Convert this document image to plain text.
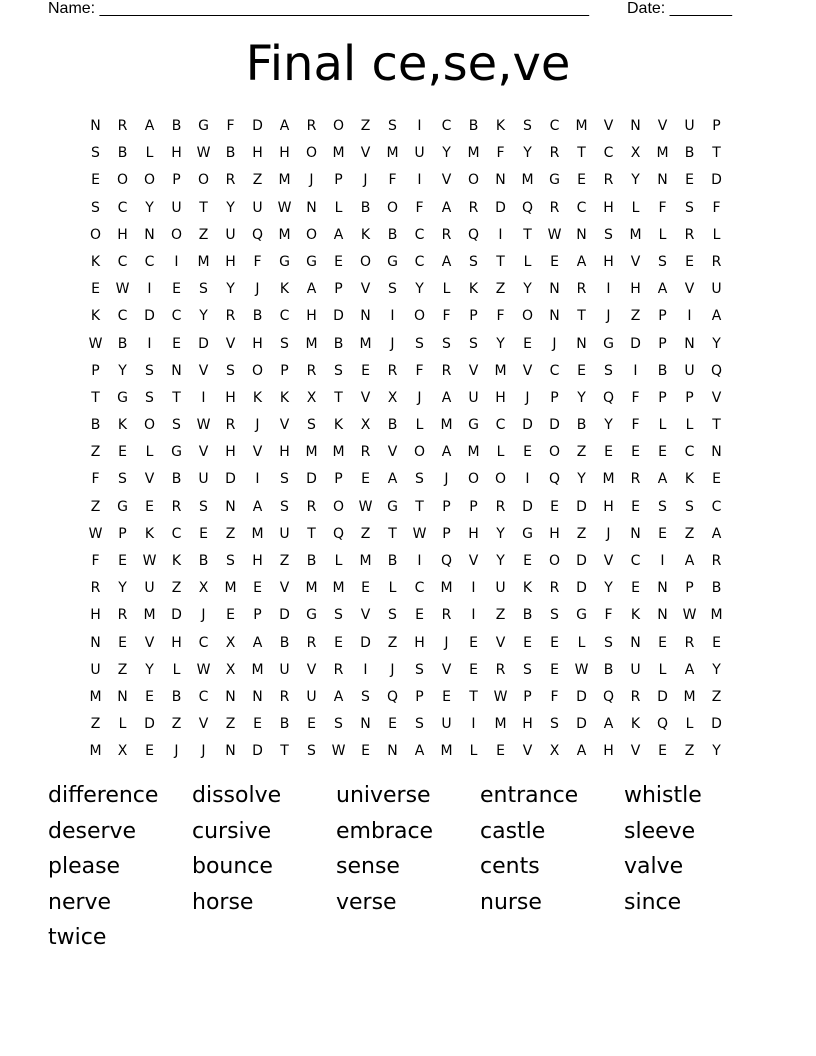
Name: _______________________________________________________ Date: _______
Final ce,se,ve
N	R	A	B	G	F	D	A	R	O	Z	S	I	C	B	K	S	C	M	V	N	V	U	P
S	B	L	H	W	B	H	H	O	M	V	M	U	Y	M	F	Y	R	T	C	X	M	B	T
E	O	O	P	O	R	Z	M	J	P	J	F	I	V	O	N	M	G	E	R	Y	N	E	D
S	C	Y	U	T	Y	U	W	N	L	B	O	F	A	R	D	Q	R	C	H	L	F	S	F
O	H	N	O	Z	U	Q	M	O	A	K	B	C	R	Q	I	T	W	N	S	M	L	R	L
K	C	C	I	M	H	F	G	G	E	O	G	C	A	S	T	L	E	A	H	V	S	E	R
E	W	I	E	S	Y	J	K	A	P	V	S	Y	L	K	Z	Y	N	R	I	H	A	V	U
K	C	D	C	Y	R	B	C	H	D	N	I	O	F	P	F	O	N	T	J	Z	P	I	A
W	B	I	E	D	V	H	S	M	B	M	J	S	S	S	Y	E	J	N	G	D	P	N	Y
P	Y	S	N	V	S	O	P	R	S	E	R	F	R	V	M	V	C	E	S	I	B	U	Q
T	G	S	T	I	H	K	K	X	T	V	X	J	A	U	H	J	P	Y	Q	F	P	P	V
B	K	O	S	W	R	J	V	S	K	X	B	L	M	G	C	D	D	B	Y	F	L	L	T
Z	E	L	G	V	H	V	H	M	M	R	V	O	A	M	L	E	O	Z	E	E	E	C	N
F	S	V	B	U	D	I	S	D	P	E	A	S	J	O	O	I	Q	Y	M	R	A	K	E
Z	G	E	R	S	N	A	S	R	O	W	G	T	P	P	R	D	E	D	H	E	S	S	C
W	P	K	C	E	Z	M	U	T	Q	Z	T	W	P	H	Y	G	H	Z	J	N	E	Z	A
F	E	W	K	B	S	H	Z	B	L	M	B	I	Q	V	Y	E	O	D	V	C	I	A	R
R	Y	U	Z	X	M	E	V	M	M	E	L	C	M	I	U	K	R	D	Y	E	N	P	B
H	R	M	D	J	E	P	D	G	S	V	S	E	R	I	Z	B	S	G	F	K	N	W	M
N	E	V	H	C	X	A	B	R	E	D	Z	H	J	E	V	E	E	L	S	N	E	R	E
U	Z	Y	L	W	X	M	U	V	R	I	J	S	V	E	R	S	E	W	B	U	L	A	Y
M	N	E	B	C	N	N	R	U	A	S	Q	P	E	T	W	P	F	D	Q	R	D	M	Z
Z	L	D	Z	V	Z	E	B	E	S	N	E	S	U	I	M	H	S	D	A	K	Q	L	D
M	X	E	J	J	N	D	T	S	W	E	N	A	M	L	E	V	X	A	H	V	E	Z	Y
difference	dissolve	universe	entrance	whistle
deserve	cursive	embrace	castle	sleeve
please	bounce	sense	cents	valve
nerve	horse	verse	nurse	since
twice
